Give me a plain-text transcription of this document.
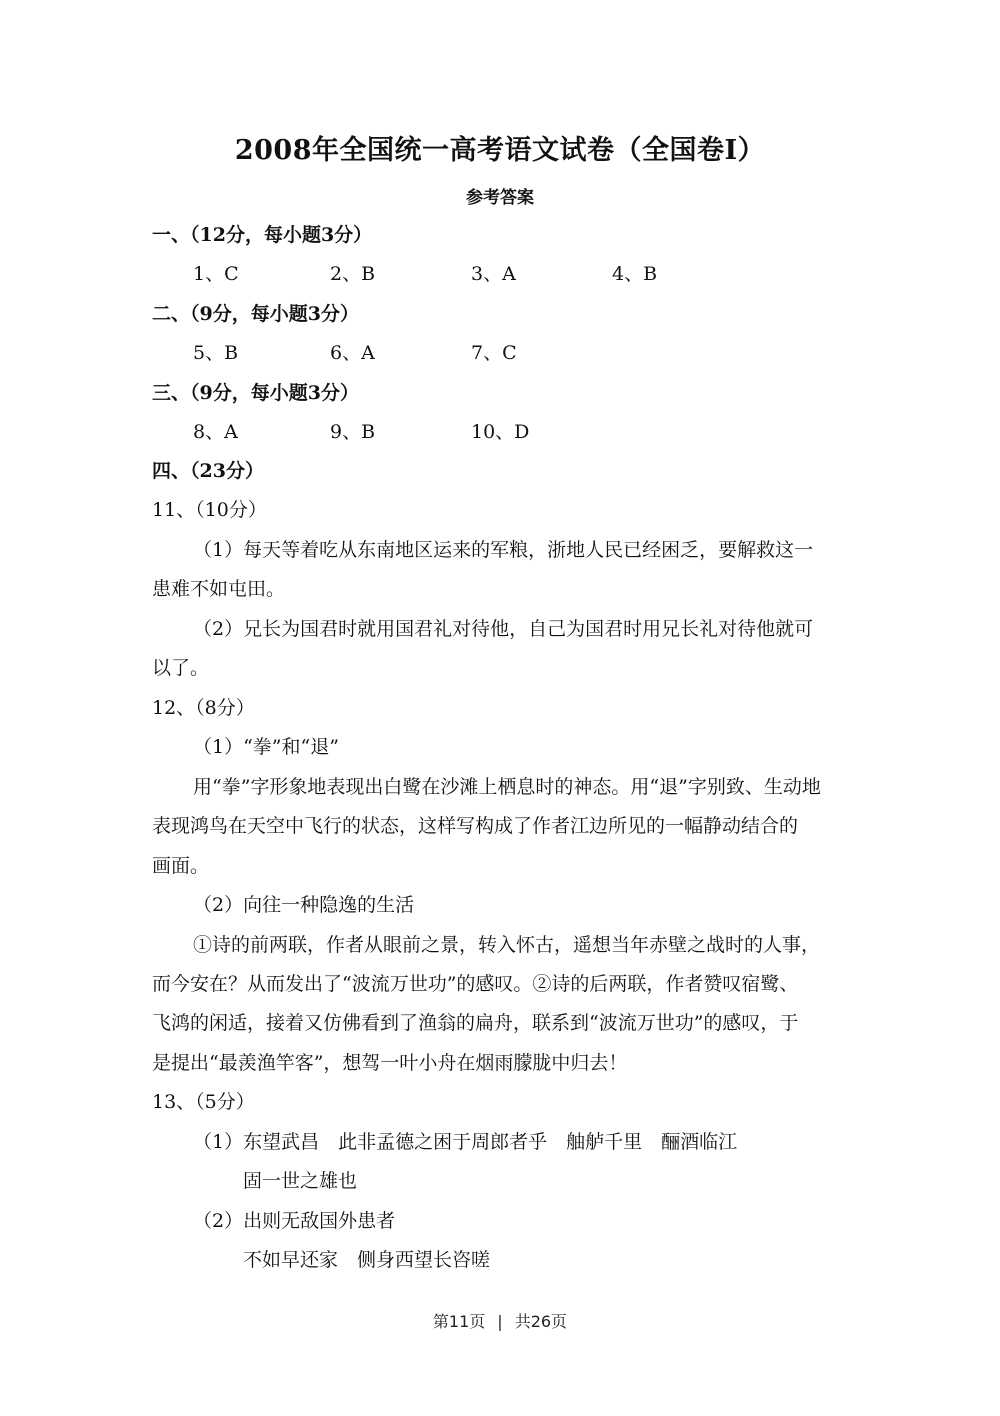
2008年全国统一高考语文试卷（全国卷I）
参考答案
一、（12分，每小题3分）
1、C	2、B	3、A	4、B
二、（9分，每小题3分）
5、B	6、A	7、C
三、（9分，每小题3分）
8、A	9、B	10、D
四、（23分）
11、（10分）
（1）每天等着吃从东南地区运来的军粮，浙地人民已经困乏，要解救这一
患难不如屯田。
（2）兄长为国君时就用国君礼对待他，自己为国君时用兄长礼对待他就可
以了。
12、（8分）
（1）“拳”和“退”
用“拳”字形象地表现出白鹭在沙滩上栖息时的神态。用“退”字别致、生动地
表现鸿鸟在天空中飞行的状态，这样写构成了作者江边所见的一幅静动结合的
画面。
（2）向往一种隐逸的生活
①诗的前两联，作者从眼前之景，转入怀古，遥想当年赤壁之战时的人事，
而今安在？从而发出了“波流万世功”的感叹。②诗的后两联，作者赞叹宿鹭、
飞鸿的闲适，接着又仿佛看到了渔翁的扁舟，联系到“波流万世功”的感叹，于
是提出“最羡渔竿客”，想驾一叶小舟在烟雨朦胧中归去！
13、（5分）
（1）东望武昌　此非孟德之困于周郎者乎　舳舻千里　酾酒临江
固一世之雄也
（2）出则无敌国外患者
不如早还家　侧身西望长咨嗟
第11页 | 共26页
